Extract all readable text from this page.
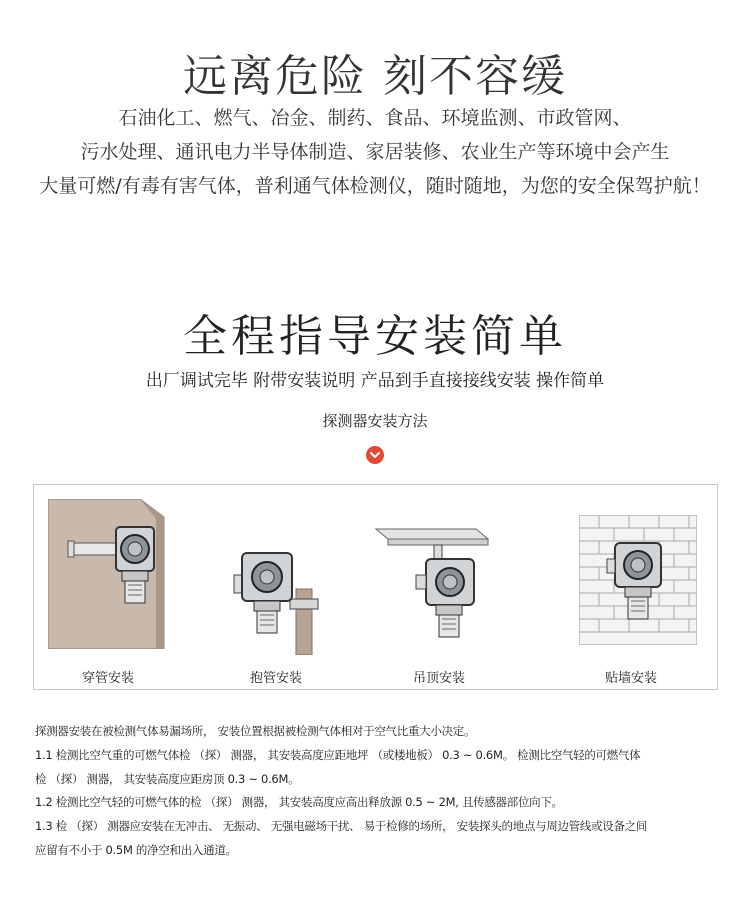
远离危险 刻不容缓
石油化工、燃气、冶金、制药、食品、环境监测、市政管网、
污水处理、通讯电力半导体制造、家居装修、农业生产等环境中会产生
大量可燃/有毒有害气体，普利通气体检测仪，随时随地，为您的安全保驾护航！
全程指导安装简单
出厂调试完毕 附带安装说明 产品到手直接接线安装 操作简单
探测器安装方法
穿管安装	抱管安装	吊顶安装	贴墙安装
探测器安装在被检测气体易漏场所， 安装位置根据被检测气体相对于空气比重大小决定。
1.1 检测比空气重的可燃气体检 （探） 测器， 其安装高度应距地坪 （或楼地板） 0.3 ~ 0.6M。 检测比空气轻的可燃气体
检 （探） 测器， 其安装高度应距房顶 0.3 ~ 0.6M。
1.2 检测比空气轻的可燃气体的检 （探） 测器， 其安装高度应高出释放源 0.5 ~ 2M, 且传感器部位向下。
1.3 检 （探） 测器应安装在无冲击、 无振动、 无强电磁场干扰、 易于检修的场所， 安装探头的地点与周边管线或设备之间
应留有不小于 0.5M 的净空和出入通道。
